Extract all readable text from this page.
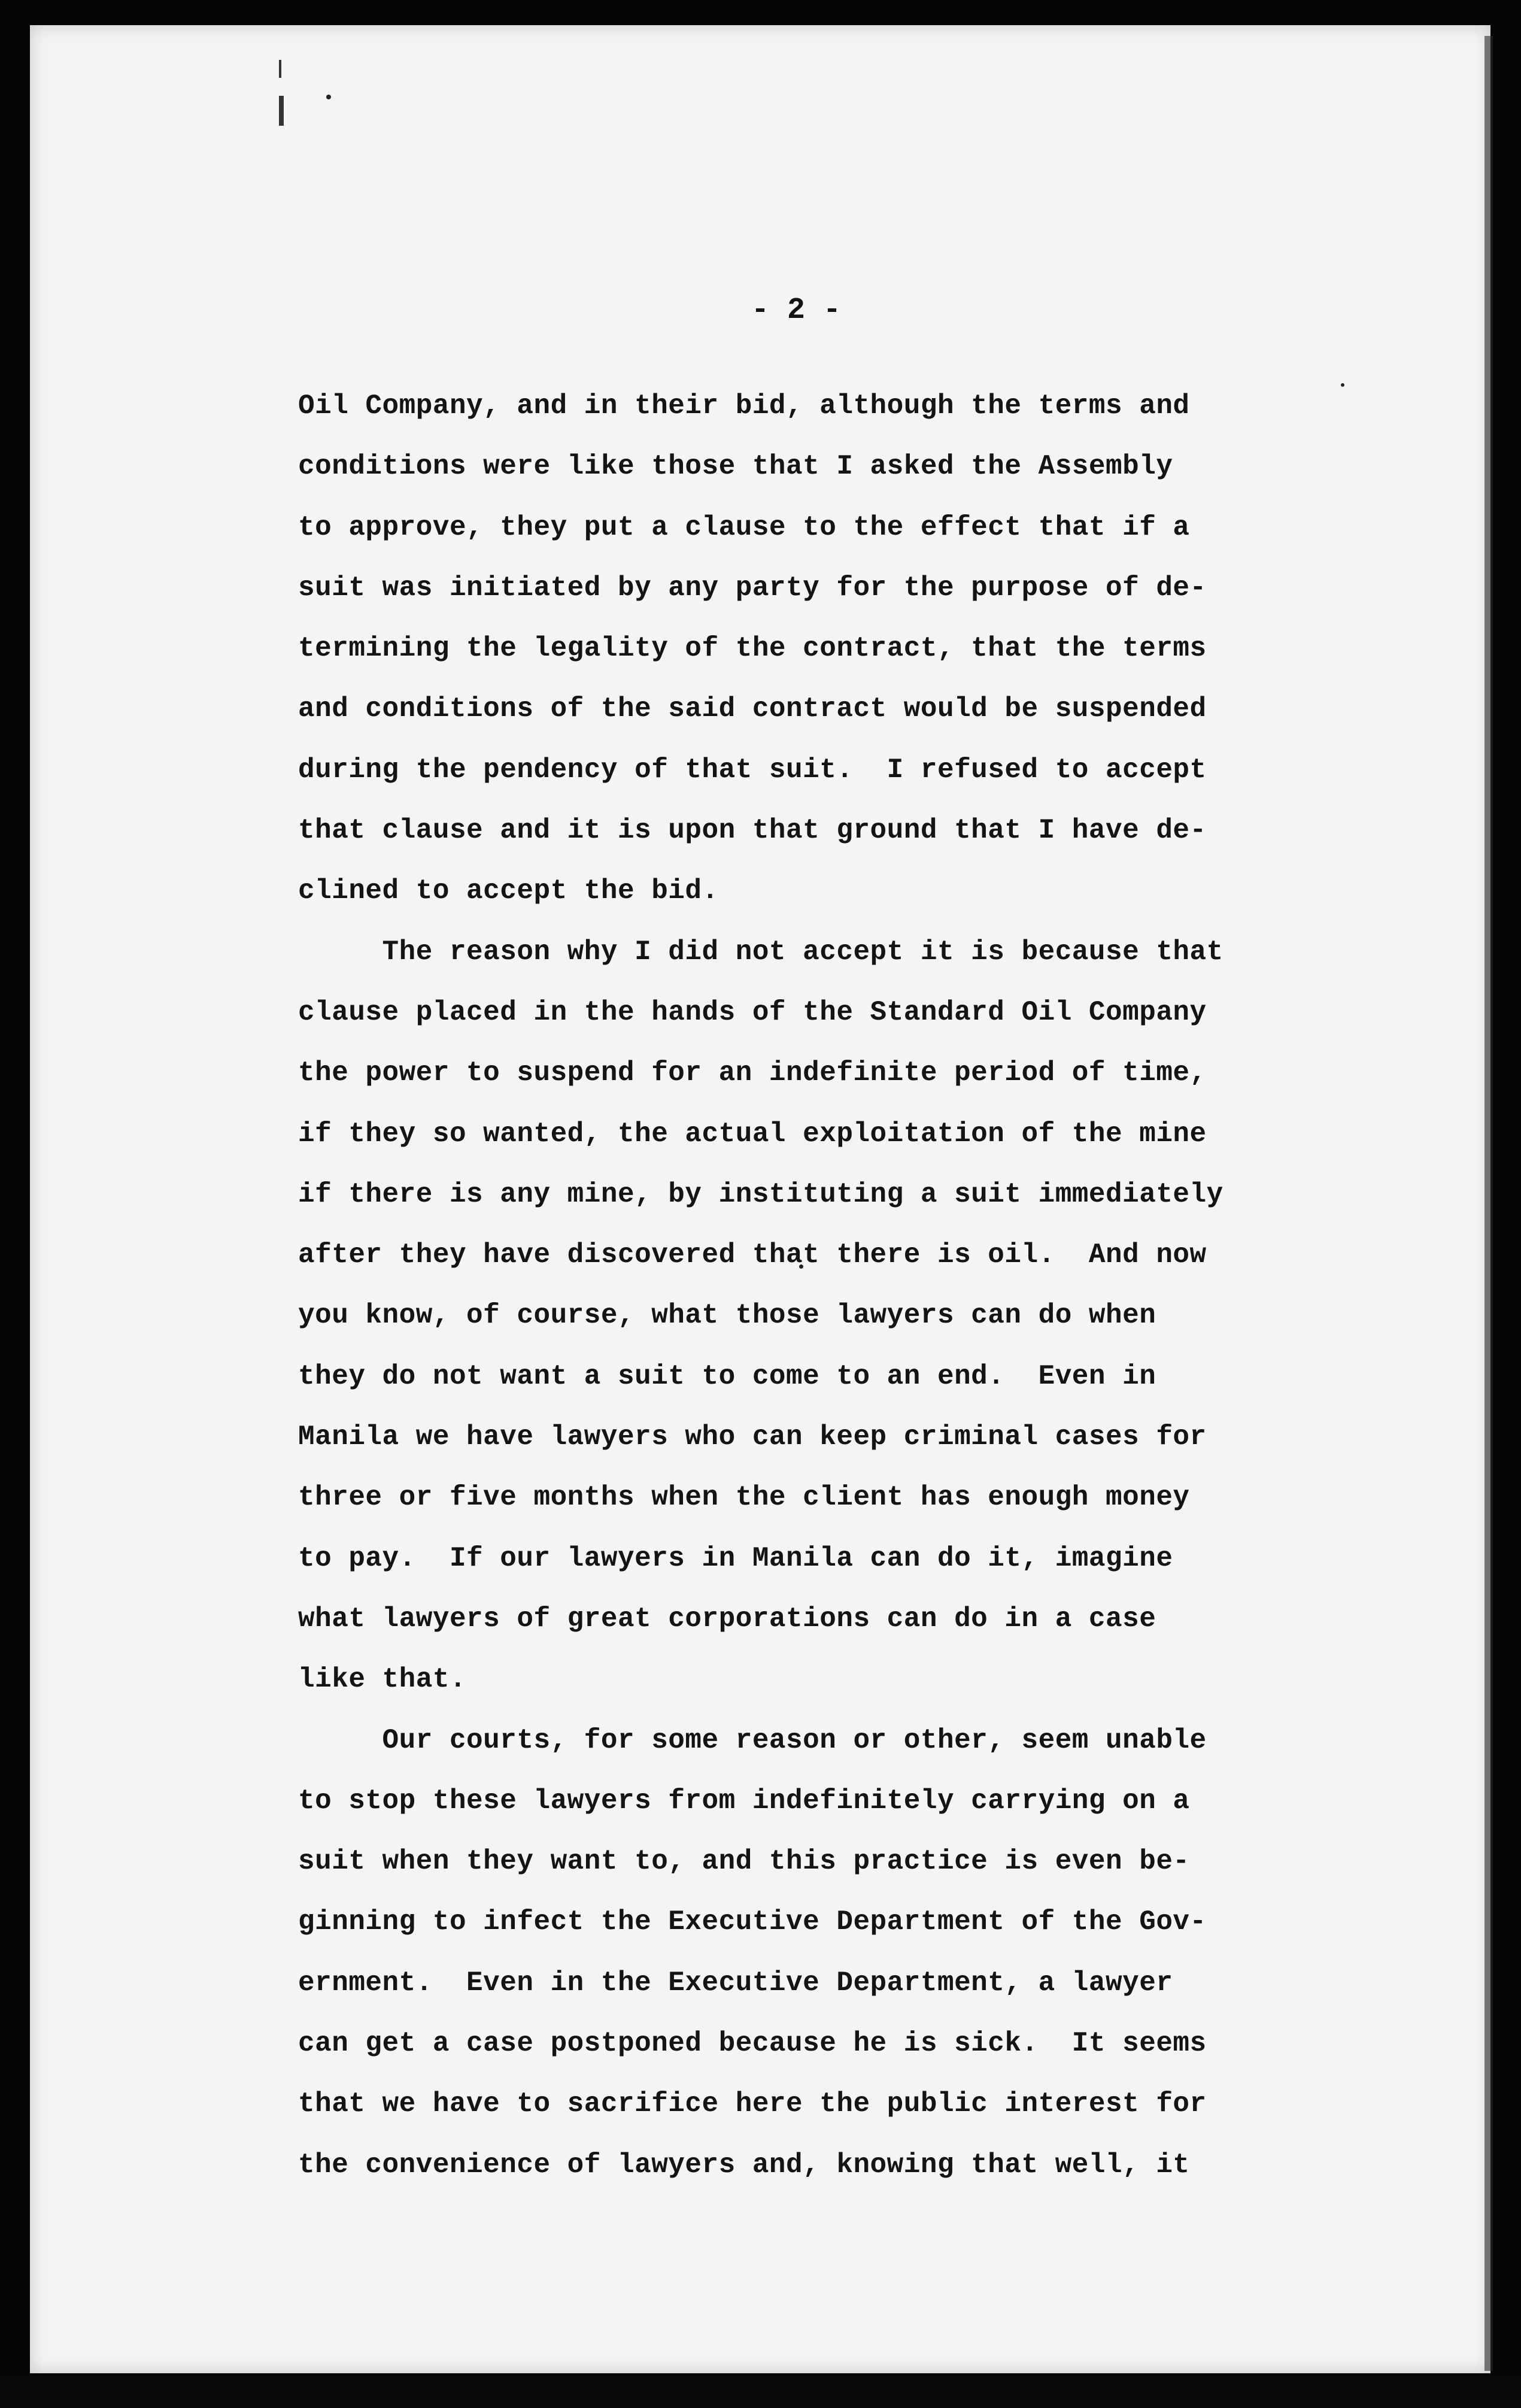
- 2 -
Oil Company, and in their bid, although the terms and
conditions were like those that I asked the Assembly
to approve, they put a clause to the effect that if a
suit was initiated by any party for the purpose of de-
termining the legality of the contract, that the terms
and conditions of the said contract would be suspended
during the pendency of that suit.  I refused to accept
that clause and it is upon that ground that I have de-
clined to accept the bid.
The reason why I did not accept it is because that
clause placed in the hands of the Standard Oil Company
the power to suspend for an indefinite period of time,
if they so wanted, the actual exploitation of the mine
if there is any mine, by instituting a suit immediately
after they have discovered that there is oil.  And now
you know, of course, what those lawyers can do when
they do not want a suit to come to an end.  Even in
Manila we have lawyers who can keep criminal cases for
three or five months when the client has enough money
to pay.  If our lawyers in Manila can do it, imagine
what lawyers of great corporations can do in a case
like that.
Our courts, for some reason or other, seem unable
to stop these lawyers from indefinitely carrying on a
suit when they want to, and this practice is even be-
ginning to infect the Executive Department of the Gov-
ernment.  Even in the Executive Department, a lawyer
can get a case postponed because he is sick.  It seems
that we have to sacrifice here the public interest for
the convenience of lawyers and, knowing that well, it
